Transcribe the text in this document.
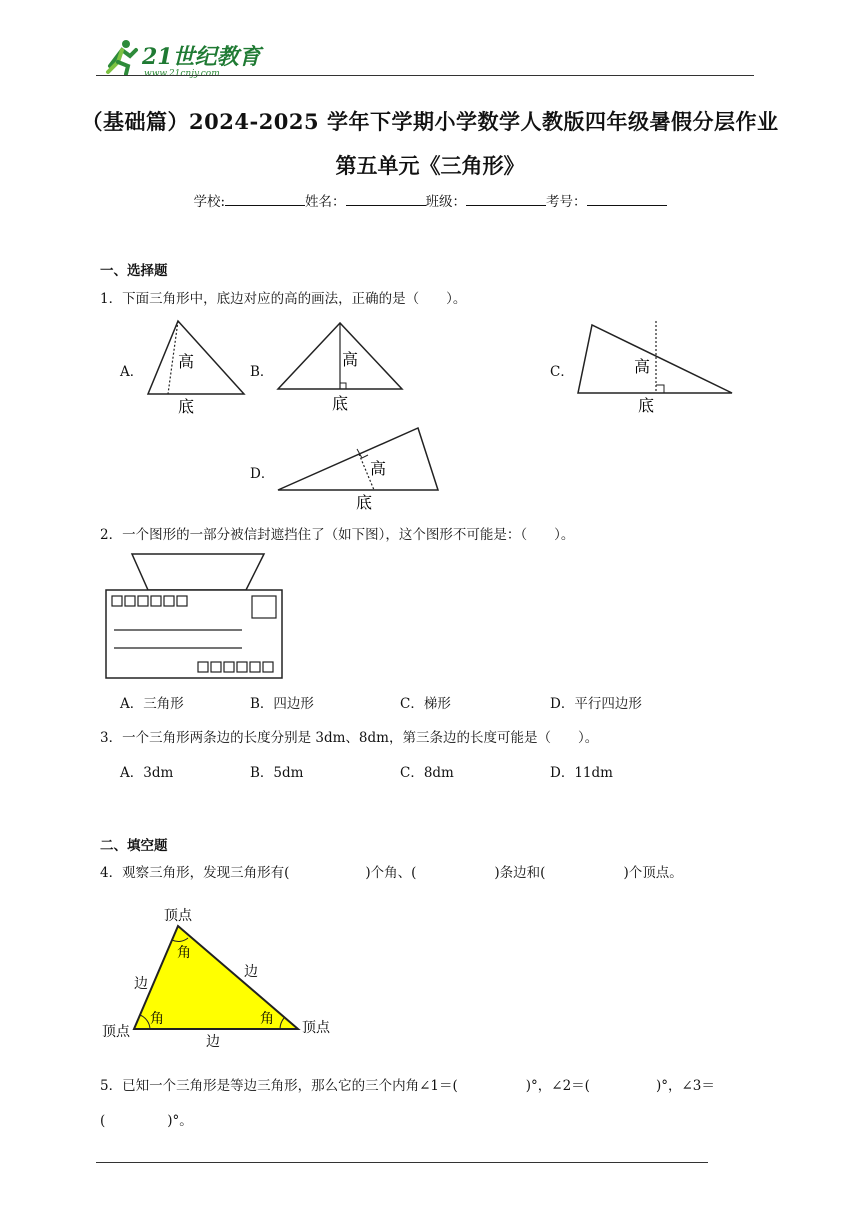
21世纪教育
www.21cnjy.com
（基础篇）2024-2025 学年下学期小学数学人教版四年级暑假分层作业
第五单元《三角形》
学校:	姓名：	班级：	考号：
一、选择题
1．下面三角形中，底边对应的高的画法，正确的是（　　）。
A．
高
底
B．
高
底
C．	高
底
D．	高
底
2．一个图形的一部分被信封遮挡住了（如下图），这个图形不可能是：（　　）。
A．三角形	B．四边形	C．梯形	D．平行四边形
3．一个三角形两条边的长度分别是 3dm、8dm，第三条边的长度可能是（　　）。
A．3dm	B．5dm	C．8dm	D．11dm
二、填空题
4．观察三角形，发现三角形有(	)个角、(	)条边和(	)个顶点。
顶点
角
边
边
顶点
角	角
顶点
边
5．已知一个三角形是等边三角形，那么它的三个内角∠1＝(	)°，∠2＝(	)°，∠3＝
(	)°。
